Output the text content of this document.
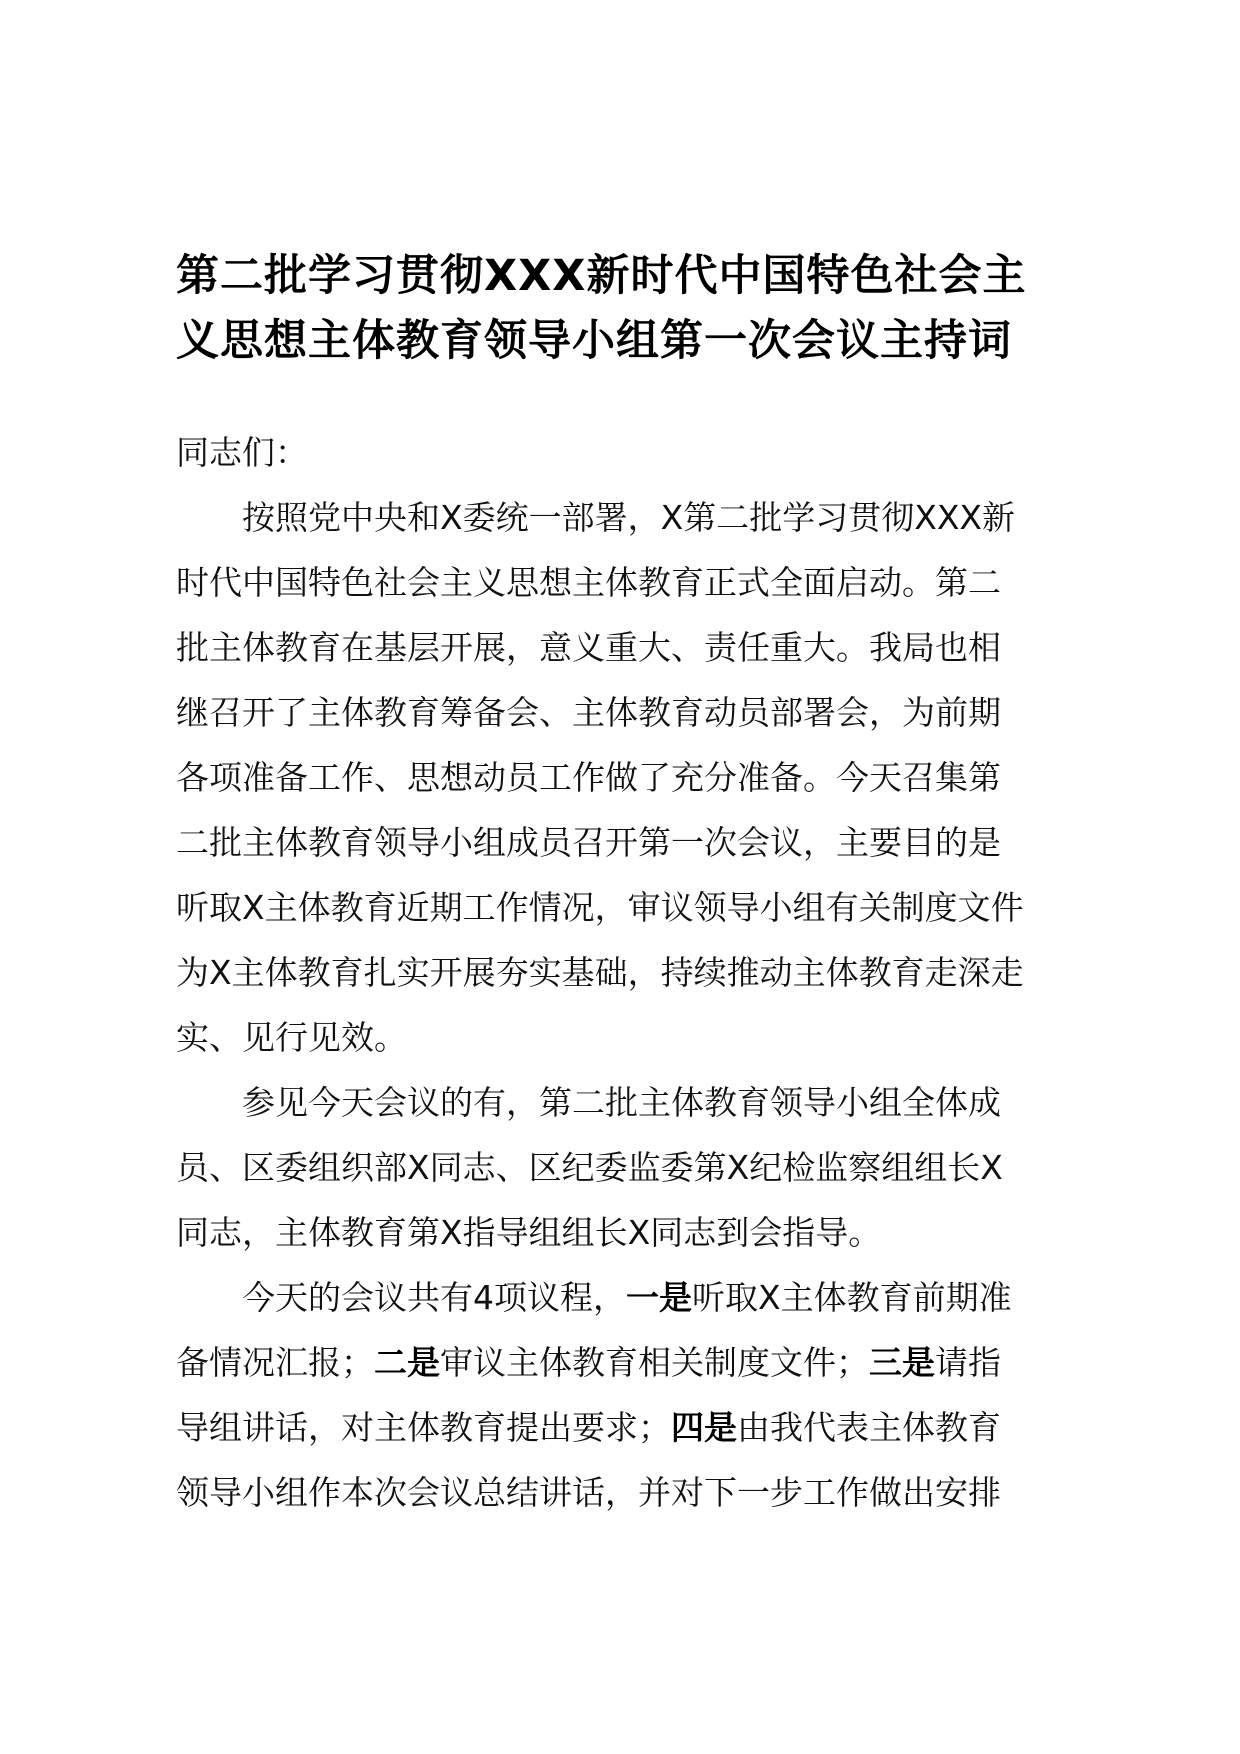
第二批学习贯彻XXX新时代中国特色社会主
义思想主体教育领导小组第一次会议主持词
同志们：
按照党中央和X委统一部署，X第二批学习贯彻XXX新
时代中国特色社会主义思想主体教育正式全面启动。第二
批主体教育在基层开展，意义重大、责任重大。我局也相
继召开了主体教育筹备会、主体教育动员部署会，为前期
各项准备工作、思想动员工作做了充分准备。今天召集第
二批主体教育领导小组成员召开第一次会议，主要目的是
听取X主体教育近期工作情况，审议领导小组有关制度文件
为X主体教育扎实开展夯实基础，持续推动主体教育走深走
实、见行见效。
参见今天会议的有，第二批主体教育领导小组全体成
员、区委组织部X同志、区纪委监委第X纪检监察组组长X
同志，主体教育第X指导组组长X同志到会指导。
今天的会议共有4项议程，一是听取X主体教育前期准
备情况汇报；二是审议主体教育相关制度文件；三是请指
导组讲话，对主体教育提出要求；四是由我代表主体教育
领导小组作本次会议总结讲话，并对下一步工作做出安排
